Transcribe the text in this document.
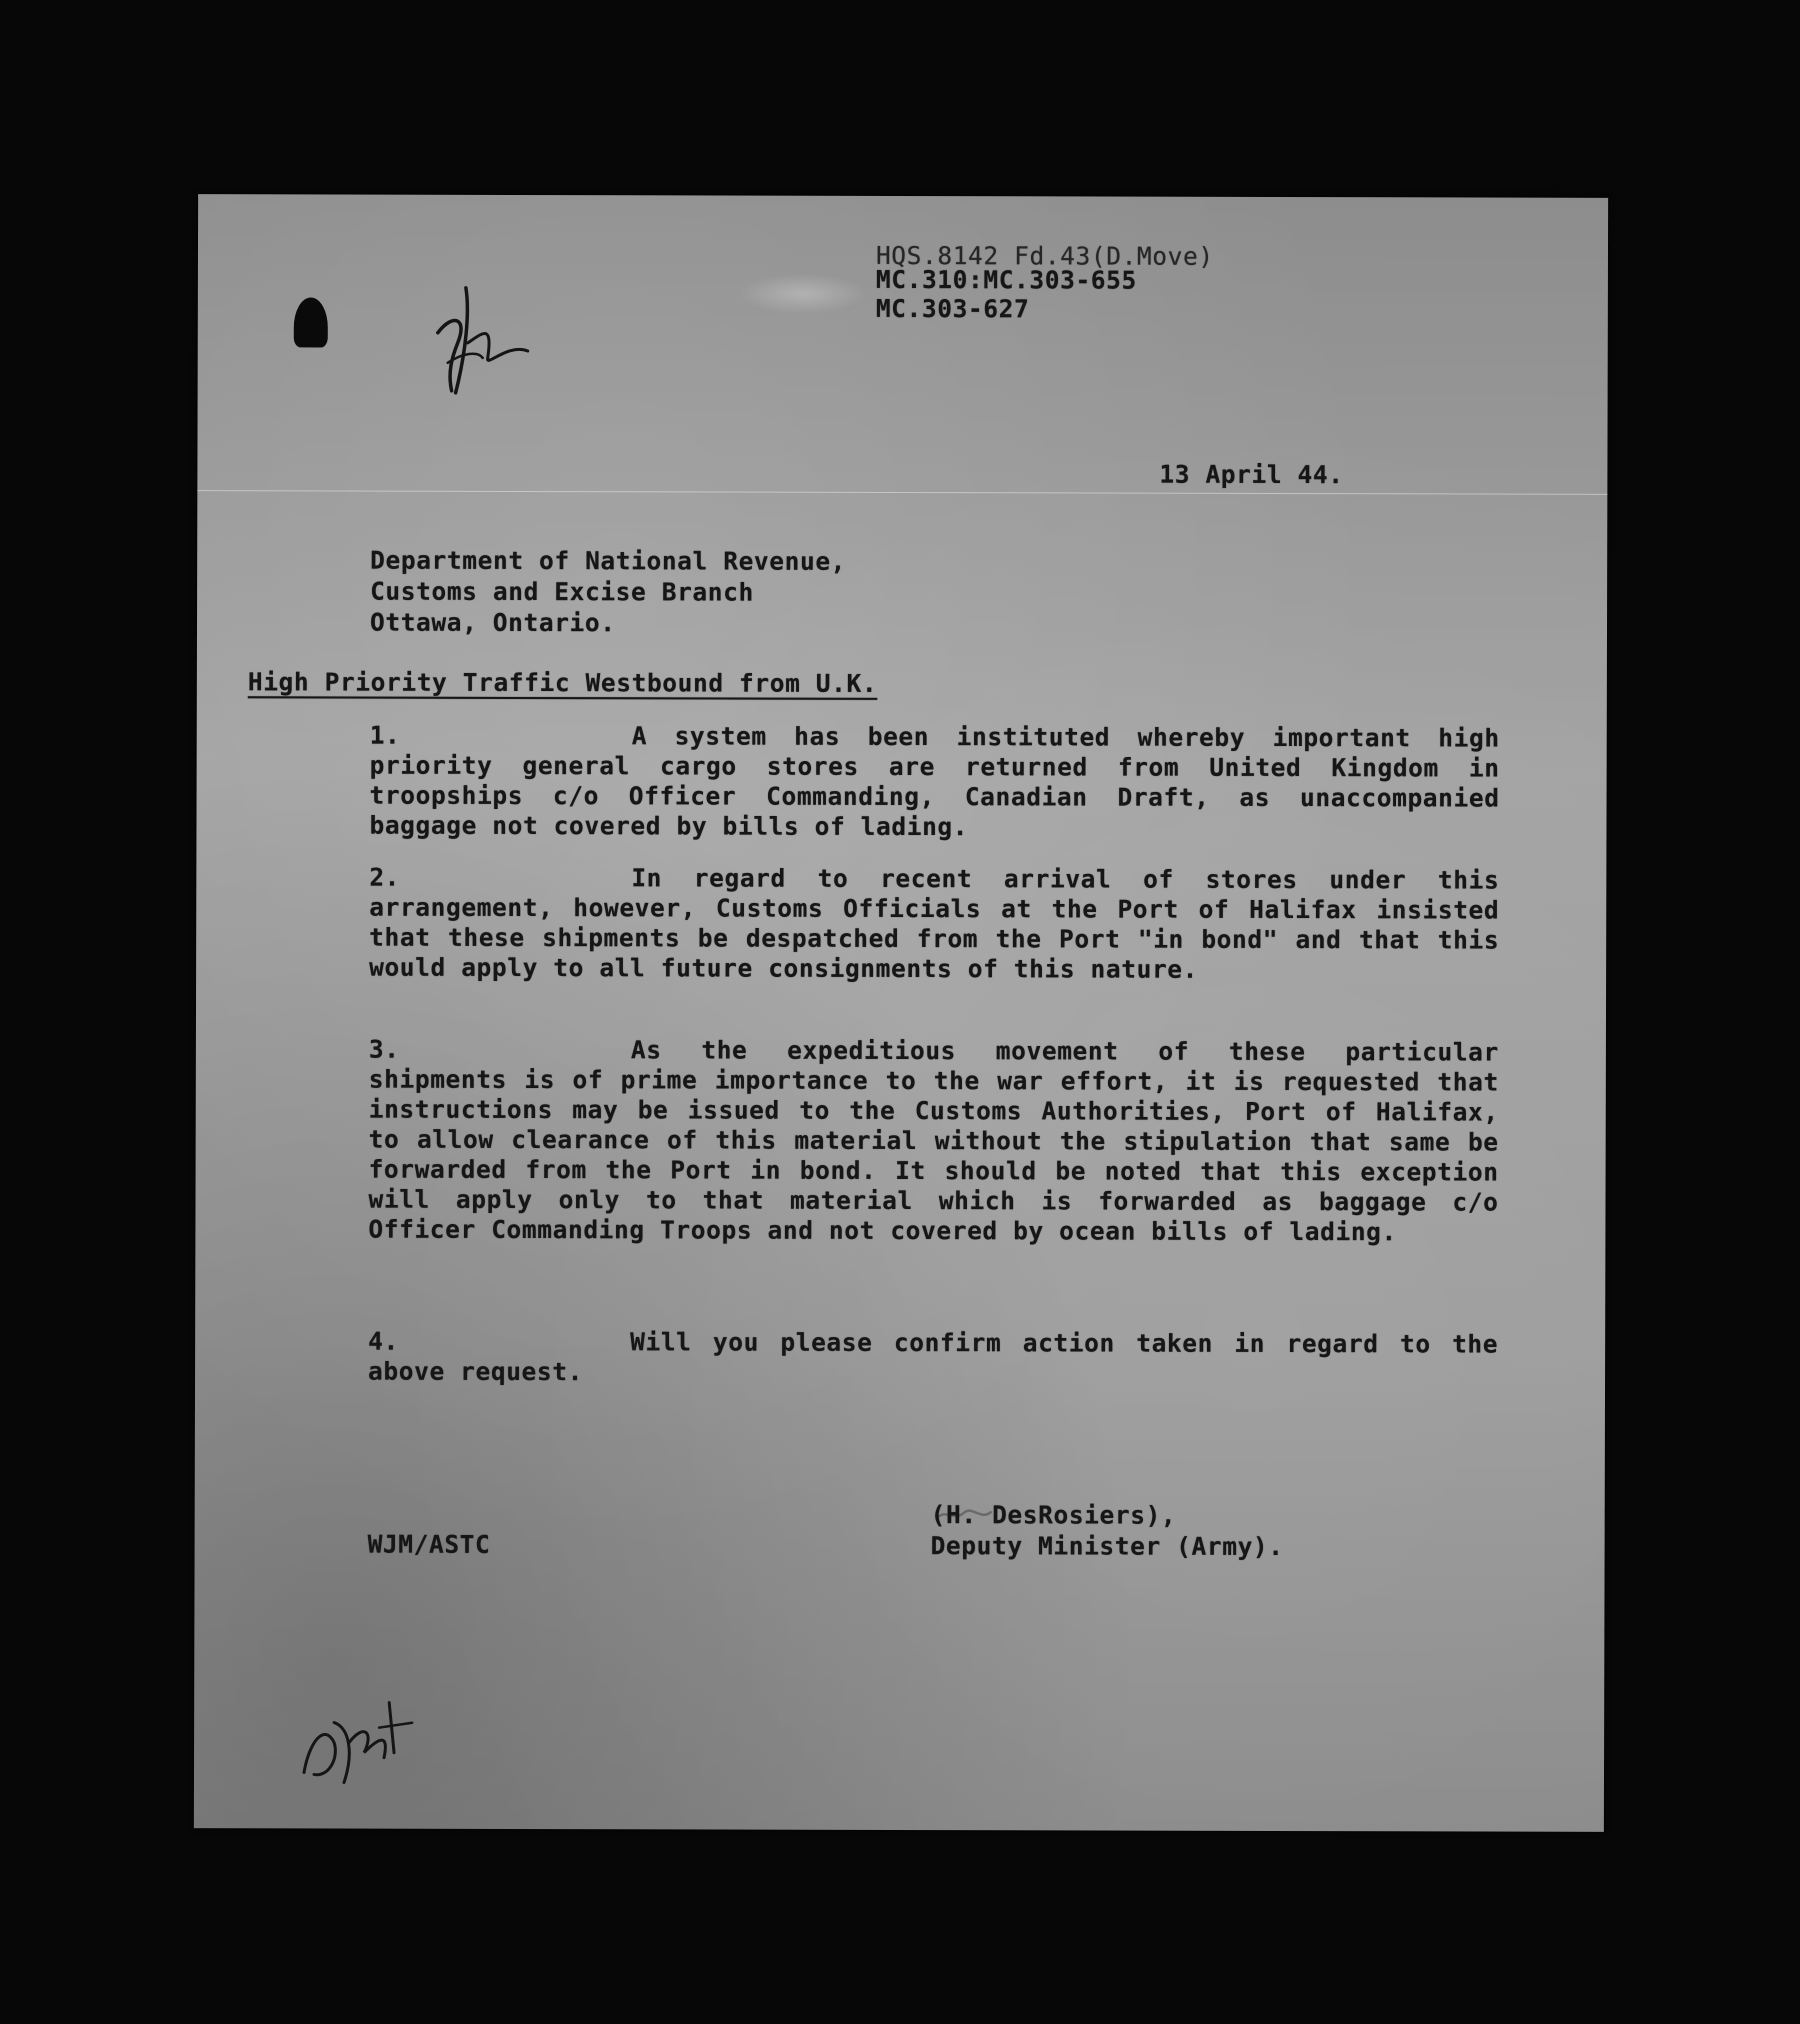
HQS.8142 Fd.43(D.Move)
MC.310:MC.303-655
MC.303-627
13 April 44.
Department of National Revenue,
Customs and Excise Branch
Ottawa, Ontario.
High Priority Traffic Westbound from U.K.
1.	A system has been instituted whereby important high priority general cargo stores are returned from United Kingdom in troopships c/o Officer Commanding, Canadian Draft, as unaccompanied baggage not covered by bills of lading.
2.	In regard to recent arrival of stores under this arrangement, however, Customs Officials at the Port of Halifax insisted that these shipments be despatched from the Port "in bond" and that this would apply to all future consignments of this nature.
3.	As the expeditious movement of these particular shipments is of prime importance to the war effort, it is requested that instructions may be issued to the Customs Authorities, Port of Halifax, to allow clearance of this material without the stipulation that same be forwarded from the Port in bond. It should be noted that this exception will apply only to that material which is forwarded as baggage c/o Officer Commanding Troops and not covered by ocean bills of lading.
4.	Will you please confirm action taken in regard to the above request.
(H. DesRosiers),
Deputy Minister (Army).
WJM/ASTC
